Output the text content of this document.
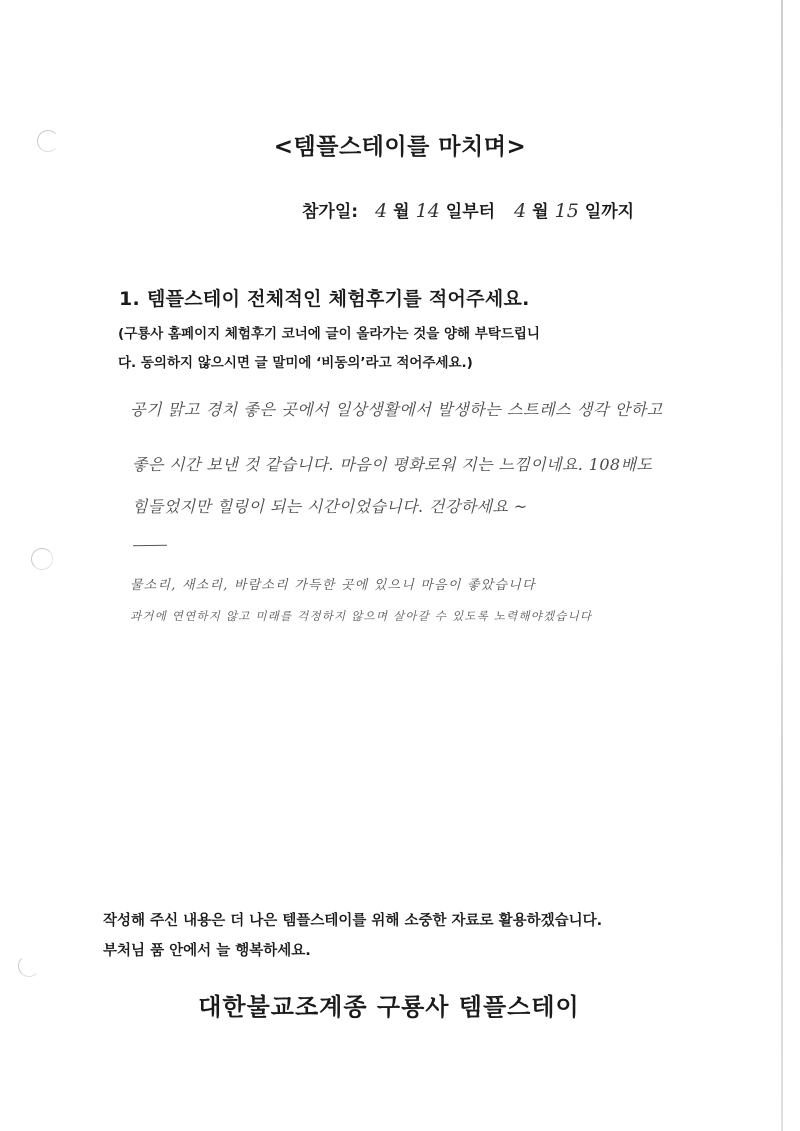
<템플스테이를 마치며>
참가일: 4 월 14 일부터 4 월 15 일까지
1. 템플스테이 전체적인 체험후기를 적어주세요.
(구룡사 홈페이지 체험후기 코너에 글이 올라가는 것을 양해 부탁드립니
다. 동의하지 않으시면 글 말미에 ‘비동의’라고 적어주세요.)
공기 맑고 경치 좋은 곳에서 일상생활에서 발생하는 스트레스 생각 안하고
좋은 시간 보낸 것 같습니다. 마음이 평화로워 지는 느낌이네요. 108배도
힘들었지만 힐링이 되는 시간이었습니다. 건강하세요 ~
물소리, 새소리, 바람소리 가득한 곳에 있으니 마음이 좋았습니다
과거에 연연하지 않고 미래를 걱정하지 않으며 살아갈 수 있도록 노력해야겠습니다
작성해 주신 내용은 더 나은 템플스테이를 위해 소중한 자료로 활용하겠습니다.
부처님 품 안에서 늘 행복하세요.
대한불교조계종 구룡사 템플스테이
